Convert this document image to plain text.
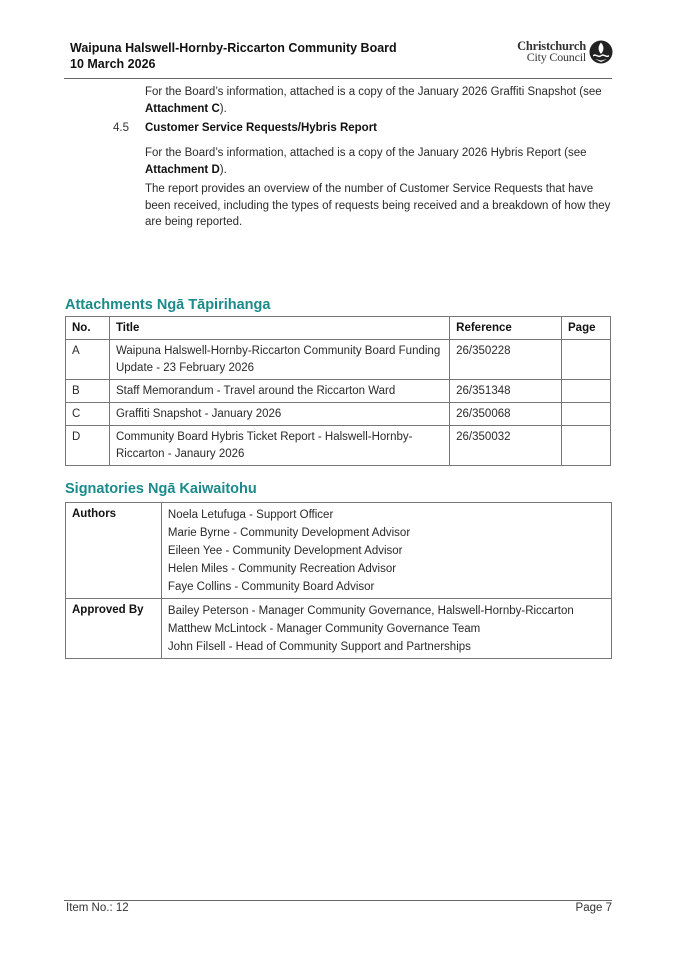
Waipuna Halswell-Hornby-Riccarton Community Board
10 March 2026
Christchurch
City Council
For the Board’s information, attached is a copy of the January 2026 Graffiti Snapshot (see Attachment C).
4.5 Customer Service Requests/Hybris Report
For the Board’s information, attached is a copy of the January 2026 Hybris Report (see Attachment D).
The report provides an overview of the number of Customer Service Requests that have been received, including the types of requests being received and a breakdown of how they are being reported.
Attachments Ngā Tāpirihanga
No.	Title	Reference	Page
A	Waipuna Halswell-Hornby-Riccarton Community Board Funding Update - 23 February 2026	26/350228	
B	Staff Memorandum - Travel around the Riccarton Ward	26/351348	
C	Graffiti Snapshot - January 2026	26/350068	
D	Community Board Hybris Ticket Report - Halswell-Hornby-Riccarton - Janaury 2026	26/350032	
Signatories Ngā Kaiwaitohu
Authors	Noela Letufuga - Support Officer
Marie Byrne - Community Development Advisor
Eileen Yee - Community Development Advisor
Helen Miles - Community Recreation Advisor
Faye Collins - Community Board Advisor

Approved By	Bailey Peterson - Manager Community Governance, Halswell-Hornby-Riccarton
Matthew McLintock - Manager Community Governance Team
John Filsell - Head of Community Support and Partnerships
Item No.: 12	Page 7
